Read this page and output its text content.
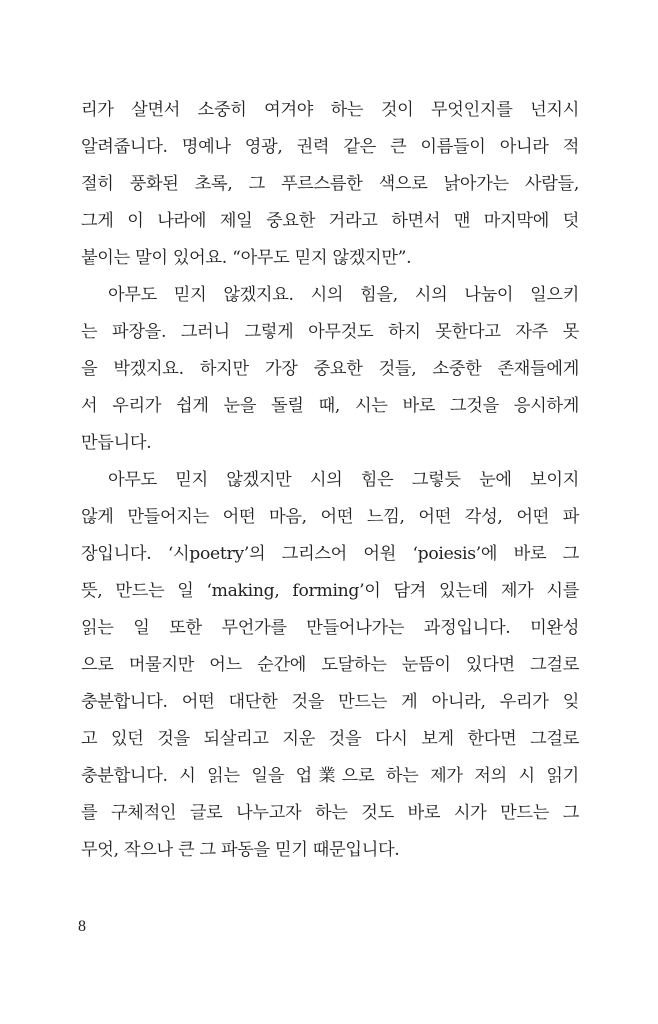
리가 살면서 소중히 여겨야 하는 것이 무엇인지를 넌지시
알려줍니다. 명예나 영광, 권력 같은 큰 이름들이 아니라 적
절히 풍화된 초록, 그 푸르스름한 색으로 낡아가는 사람들,
그게 이 나라에 제일 중요한 거라고 하면서 맨 마지막에 덧
붙이는 말이 있어요. “아무도 믿지 않겠지만”.
아무도 믿지 않겠지요. 시의 힘을, 시의 나눔이 일으키
는 파장을. 그러니 그렇게 아무것도 하지 못한다고 자주 못
을 박겠지요. 하지만 가장 중요한 것들, 소중한 존재들에게
서 우리가 쉽게 눈을 돌릴 때, 시는 바로 그것을 응시하게
만듭니다.
아무도 믿지 않겠지만 시의 힘은 그렇듯 눈에 보이지
않게 만들어지는 어떤 마음, 어떤 느낌, 어떤 각성, 어떤 파
장입니다. ‘시poetry’의 그리스어 어원 ‘poiesis’에 바로 그
뜻, 만드는 일 ‘making, forming’이 담겨 있는데 제가 시를
읽는 일 또한 무언가를 만들어나가는 과정입니다. 미완성
으로 머물지만 어느 순간에 도달하는 눈뜸이 있다면 그걸로
충분합니다. 어떤 대단한 것을 만드는 게 아니라, 우리가 잊
고 있던 것을 되살리고 지운 것을 다시 보게 한다면 그걸로
충분합니다. 시 읽는 일을 업業으로 하는 제가 저의 시 읽기
를 구체적인 글로 나누고자 하는 것도 바로 시가 만드는 그
무엇, 작으나 큰 그 파동을 믿기 때문입니다.
8
